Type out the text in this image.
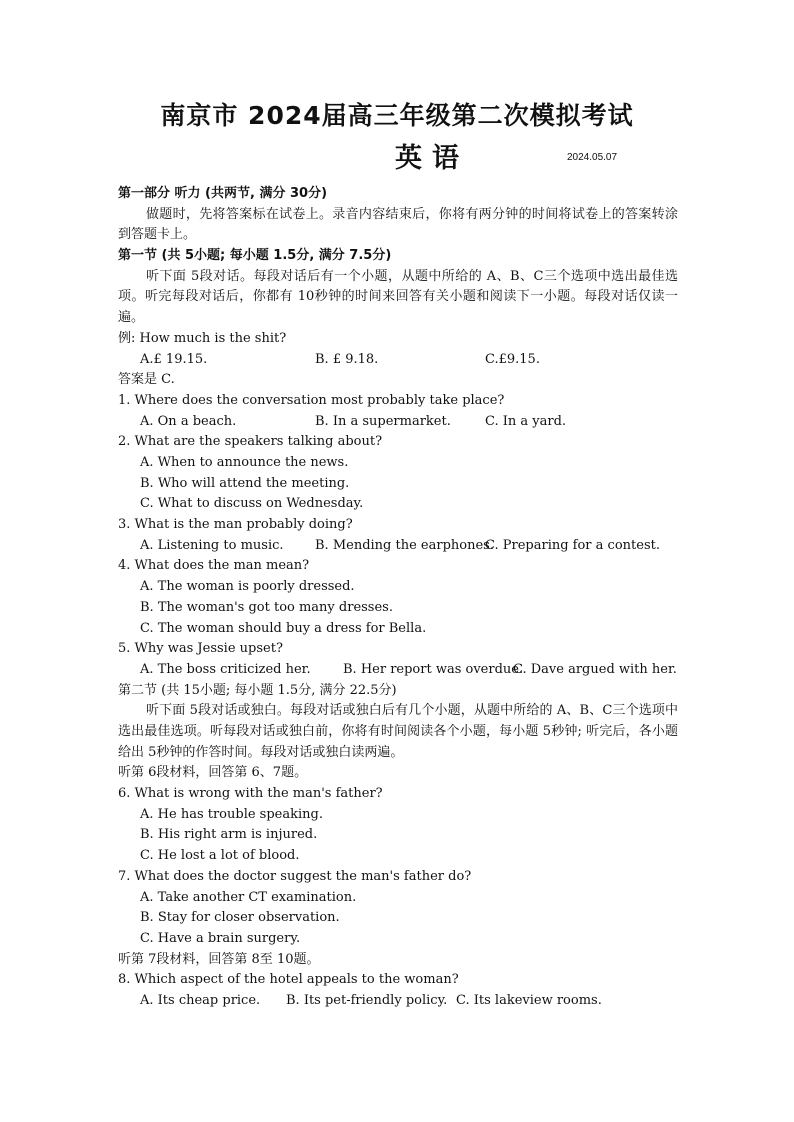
南京市 2024届高三年级第二次模拟考试
英语	2024.05.07
第一部分 听力 (共两节, 满分 30分)
做题时，先将答案标在试卷上。录音内容结束后，你将有两分钟的时间将试卷上的答案转涂到答题卡上。
第一节 (共 5小题; 每小题 1.5分, 满分 7.5分)
听下面 5段对话。每段对话后有一个小题，从题中所给的 A、B、C三个选项中选出最佳选项。听完每段对话后，你都有 10秒钟的时间来回答有关小题和阅读下一小题。每段对话仅读一遍。
例: How much is the shit?
A.£ 19.15.	B. £ 9.18.	C.£9.15.
答案是 C.
1. Where does the conversation most probably take place?
A. On a beach.	B. In a supermarket.	C. In a yard.
2. What are the speakers talking about?
A. When to announce the news.
B. Who will attend the meeting.
C. What to discuss on Wednesday.
3. What is the man probably doing?
A. Listening to music.	B. Mending the earphones.
C. Preparing for a contest.
4. What does the man mean?
A. The woman is poorly dressed.
B. The woman's got too many dresses.
C. The woman should buy a dress for Bella.
5. Why was Jessie upset?
A. The boss criticized her.	B. Her report was overdue.
C. Dave argued with her.
第二节 (共 15小题; 每小题 1.5分, 满分 22.5分)
听下面 5段对话或独白。每段对话或独白后有几个小题，从题中所给的 A、B、C三个选项中选出最佳选项。听每段对话或独白前，你将有时间阅读各个小题，每小题 5秒钟; 听完后，各小题给出 5秒钟的作答时间。每段对话或独白读两遍。
听第 6段材料，回答第 6、7题。
6. What is wrong with the man's father?
A. He has trouble speaking.
B. His right arm is injured.
C. He lost a lot of blood.
7. What does the doctor suggest the man's father do?
A. Take another CT examination.
B. Stay for closer observation.
C. Have a brain surgery.
听第 7段材料，回答第 8至 10题。
8. Which aspect of the hotel appeals to the woman?
A. Its cheap price.	B. Its pet-friendly policy. C. Its lakeview rooms.
